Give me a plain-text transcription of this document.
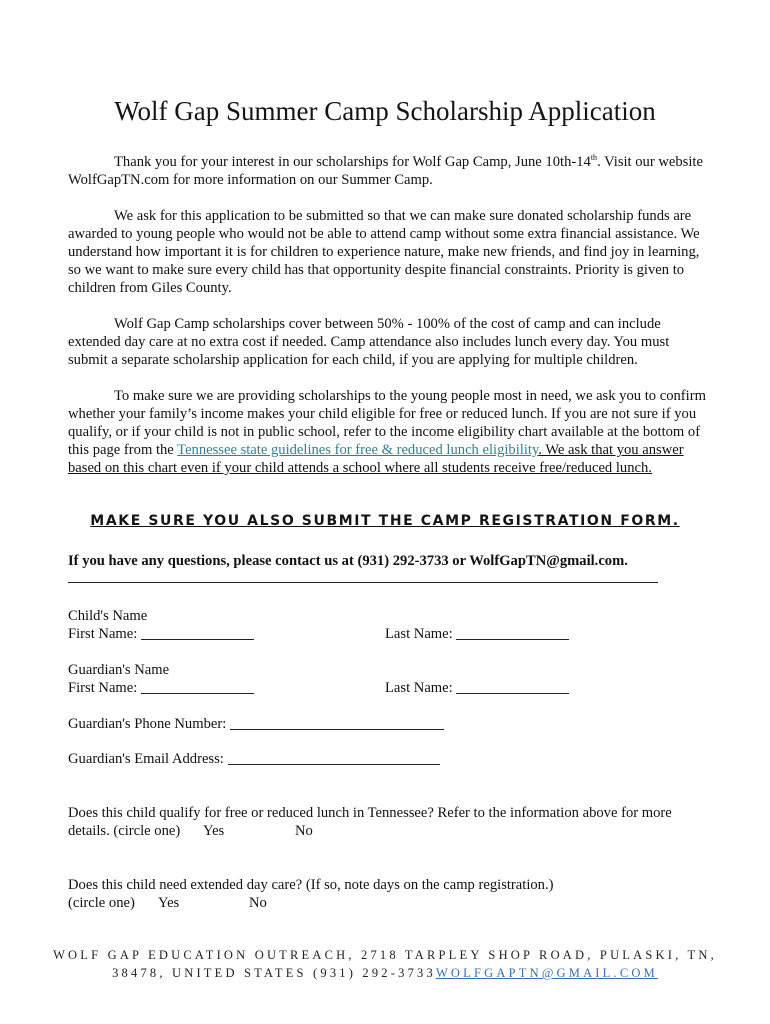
Wolf Gap Summer Camp Scholarship Application

Thank you for your interest in our scholarships for Wolf Gap Camp, June 10th-14th. Visit our website WolfGapTN.com for more information on our Summer Camp.

We ask for this application to be submitted so that we can make sure donated scholarship funds are awarded to young people who would not be able to attend camp without some extra financial assistance. We understand how important it is for children to experience nature, make new friends, and find joy in learning, so we want to make sure every child has that opportunity despite financial constraints. Priority is given to children from Giles County.

Wolf Gap Camp scholarships cover between 50% - 100% of the cost of camp and can include extended day care at no extra cost if needed. Camp attendance also includes lunch every day. You must submit a separate scholarship application for each child, if you are applying for multiple children.

To make sure we are providing scholarships to the young people most in need, we ask you to confirm whether your family’s income makes your child eligible for free or reduced lunch. If you are not sure if you qualify, or if your child is not in public school, refer to the income eligibility chart available at the bottom of this page from the Tennessee state guidelines for free & reduced lunch eligibility. We ask that you answer based on this chart even if your child attends a school where all students receive free/reduced lunch.

MAKE SURE YOU ALSO SUBMIT THE CAMP REGISTRATION FORM.
If you have any questions, please contact us at (931) 292-3733 or WolfGapTN@gmail.com.
Child's Name
First Name:	Last Name:
Guardian's Name
First Name:	Last Name:
Guardian's Phone Number:
Guardian's Email Address:
Does this child qualify for free or reduced lunch in Tennessee? Refer to the information above for more
details. (circle one) Yes	No
Does this child need extended day care? (If so, note days on the camp registration.)
(circle one) Yes	No
WOLF GAP EDUCATION OUTREACH, 2718 TARPLEY SHOP ROAD, PULASKI, TN,
38478, UNITED STATES (931) 292-3733WOLFGAPTN@GMAIL.COM
